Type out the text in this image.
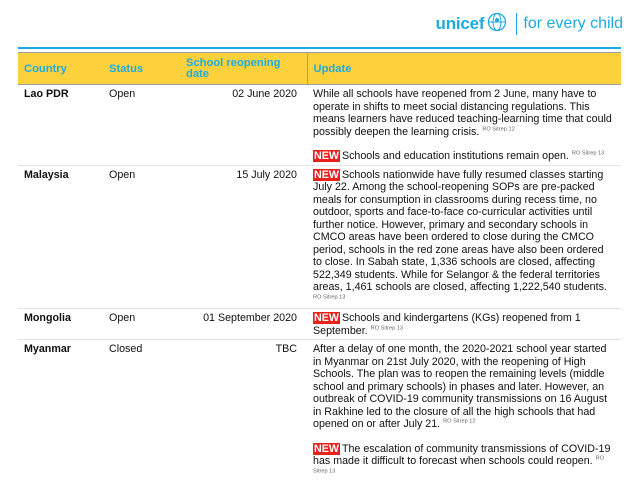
unicef for every child
Country	Status	School reopening date	Update
Lao PDR	Open	02 June 2020	While all schools have reopened from 2 June, many have to operate in shifts to meet social distancing regulations. This means learners have reduced teaching-learning time that could possibly deepen the learning crisis. $^{RO Sitrep 12}$

NEW Schools and education institutions remain open. $^{RO Sitrep 13}$

Malaysia	Open	15 July 2020	NEW Schools nationwide have fully resumed classes starting July 22. Among the school-reopening SOPs are pre-packed meals for consumption in classrooms during recess time, no outdoor, sports and face-to-face co-curricular activities until further notice. However, primary and secondary schools in CMCO areas have been ordered to close during the CMCO period, schools in the red zone areas have also been ordered to close. In Sabah state, 1,336 schools are closed, affecting 522,349 students. While for Selangor & the federal territories areas, 1,461 schools are closed, affecting 1,222,540 students. $^{RO Sitrep 13}$

Mongolia	Open	01 September 2020	NEW Schools and kindergartens (KGs) reopened from 1 September. $^{RO Sitrep 13}$

Myanmar	Closed	TBC	After a delay of one month, the 2020-2021 school year started in Myanmar on 21st July 2020, with the reopening of High Schools. The plan was to reopen the remaining levels (middle school and primary schools) in phases and later. However, an outbreak of COVID-19 community transmissions on 16 August in Rakhine led to the closure of all the high schools that had opened on or after July 21. $^{RO Sitrep 12}$

NEW The escalation of community transmissions of COVID-19 has made it difficult to forecast when schools could reopen. $^{RO Sitrep 13}$
